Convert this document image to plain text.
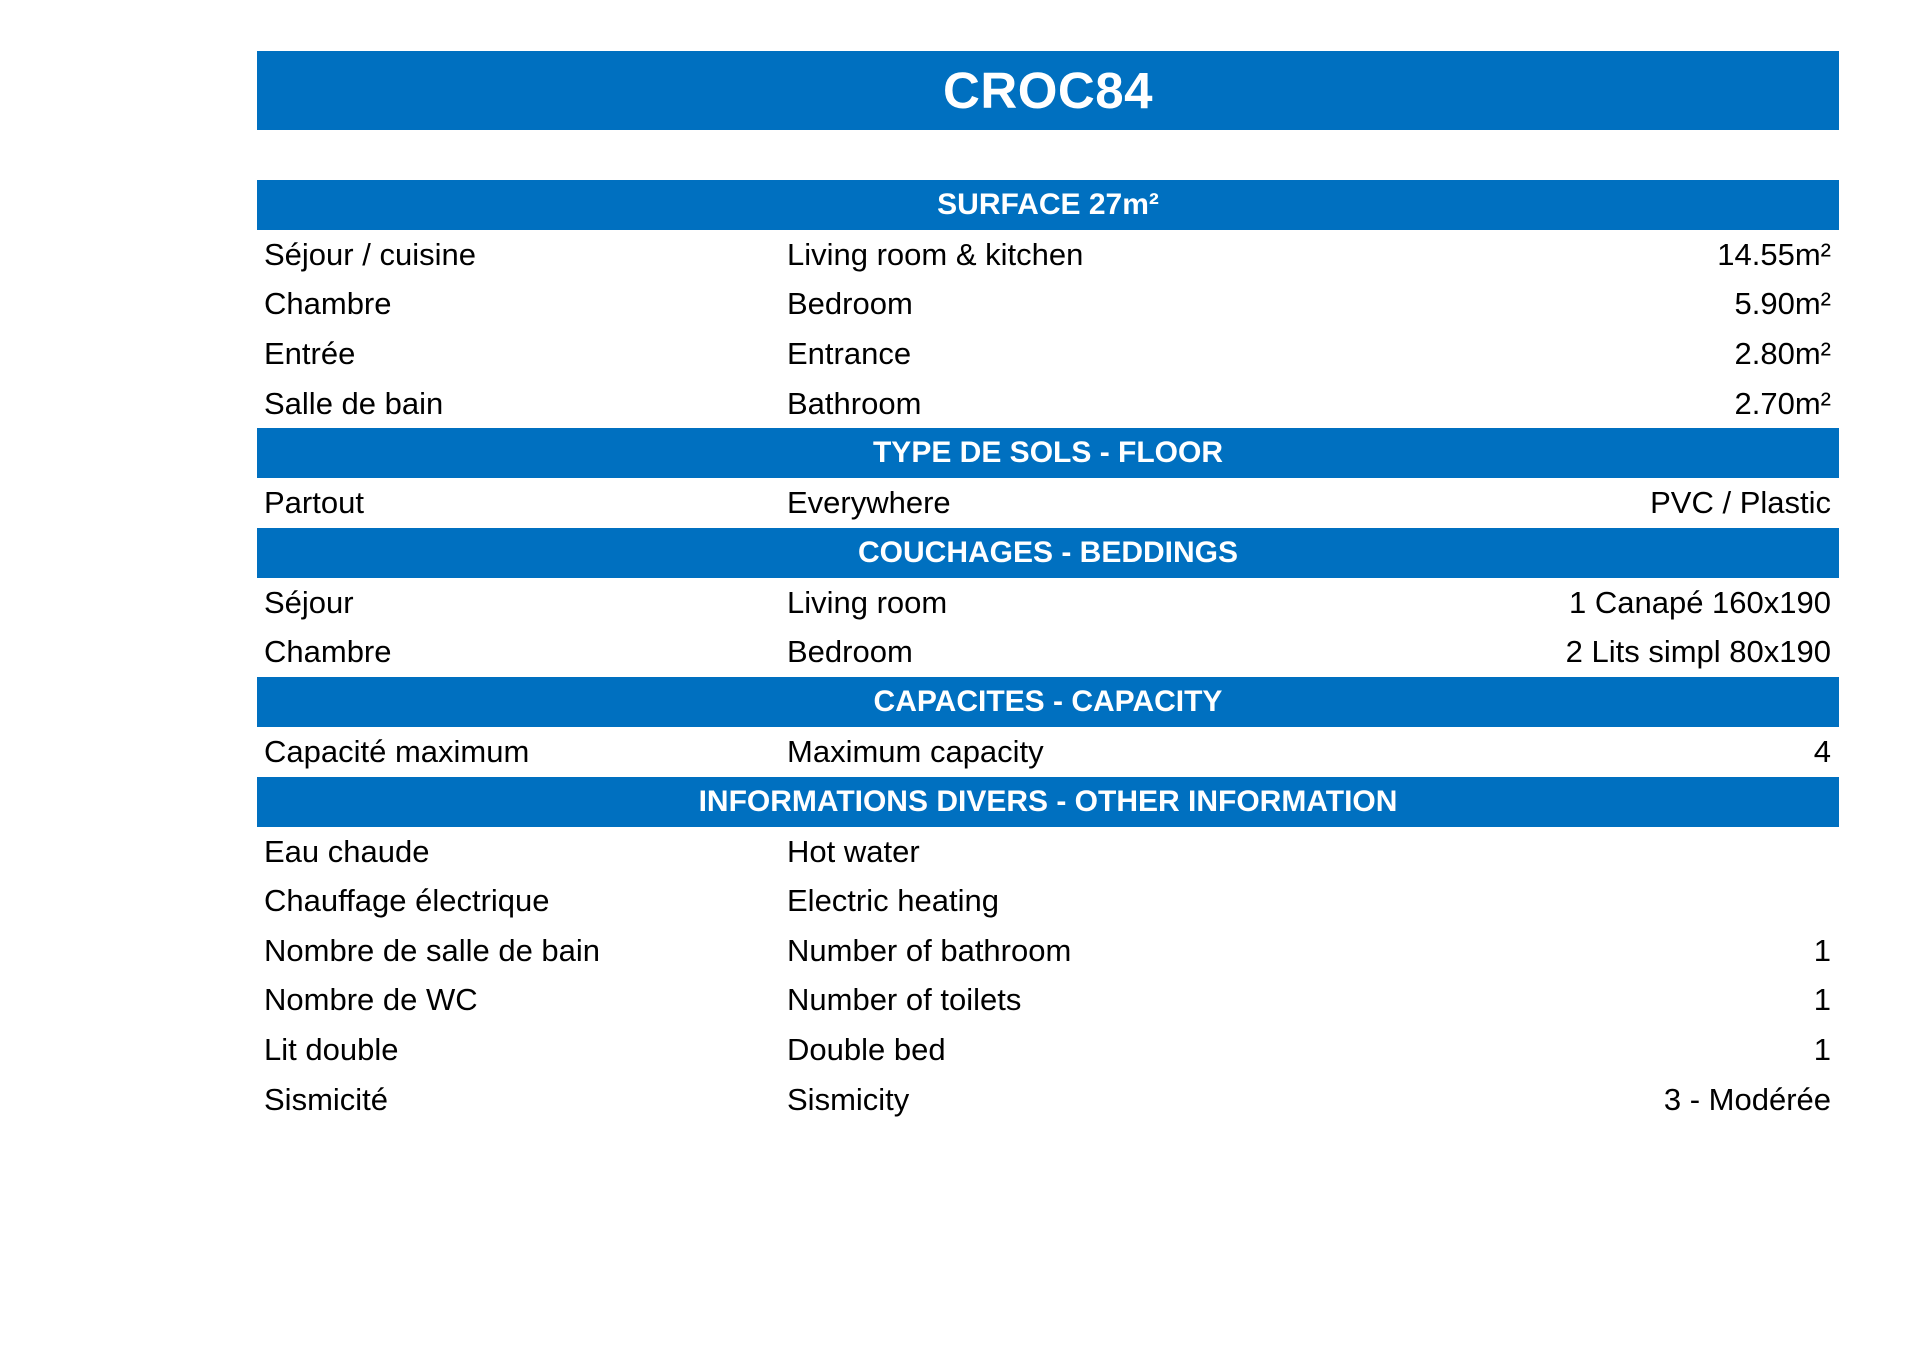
CROC84
SURFACE 27m²
Séjour / cuisine	Living room & kitchen	14.55m²
Chambre	Bedroom	5.90m²
Entrée	Entrance	2.80m²
Salle de bain	Bathroom	2.70m²
TYPE DE SOLS - FLOOR
Partout	Everywhere	PVC / Plastic
COUCHAGES - BEDDINGS
Séjour	Living room	1 Canapé 160x190
Chambre	Bedroom	2 Lits simpl 80x190
CAPACITES - CAPACITY
Capacité maximum	Maximum capacity	4
INFORMATIONS DIVERS - OTHER INFORMATION
Eau chaude	Hot water
Chauffage électrique	Electric heating
Nombre de salle de bain	Number of bathroom	1
Nombre de WC	Number of toilets	1
Lit double	Double bed	1
Sismicité	Sismicity	3 - Modérée
